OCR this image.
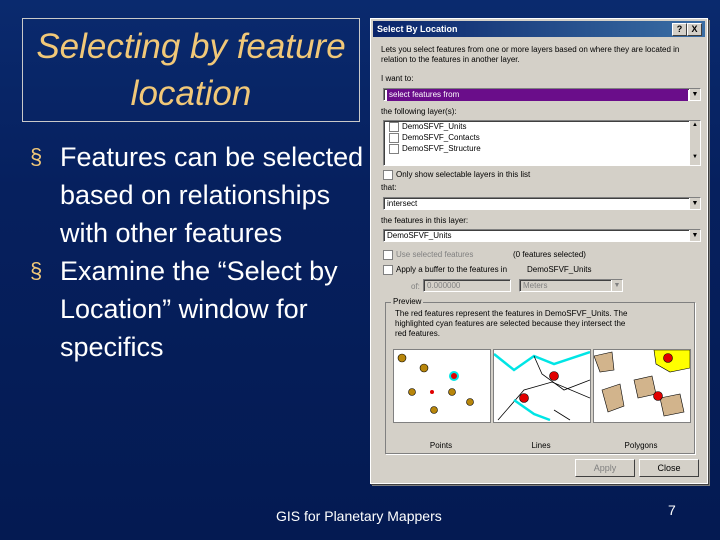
Selecting by feature location
§ Features can be selected based on relationships with other features
§ Examine the “Select by Location” window for specifics
GIS for Planetary Mappers	7
Select By Location	?	X
Lets you select features from one or more layers based on where they are located in relation to the features in another layer.
I want to:
select features from	▼
the following layer(s):
DemoSFVF_Units
DemoSFVF_Contacts
DemoSFVF_Structure
▲

▼
Only show selectable layers in this list
that:
intersect	▼
the features in this layer:
DemoSFVF_Units	▼
Use selected features	(0 features selected)
Apply a buffer to the features in DemoSFVF_Units
of: 0.000000	Meters	▼
Preview
The red features represent the features in DemoSFVF_Units. The highlighted cyan features are selected because they intersect the red features.
Points	Lines	Polygons
Apply	Close
